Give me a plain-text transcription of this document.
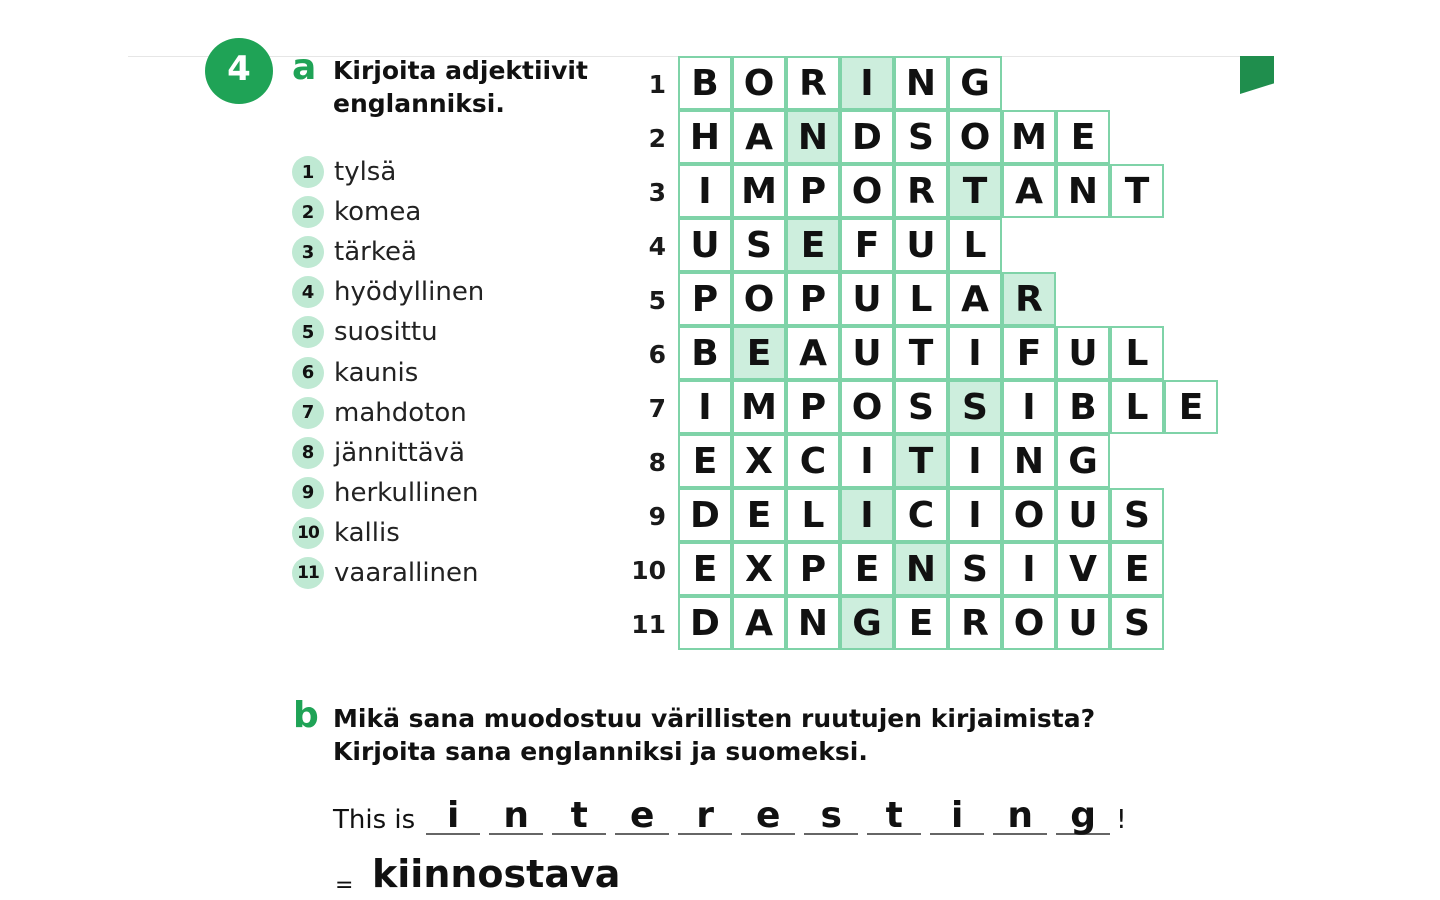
4	a Kirjoita adjektiivit
englanniksi.
1 tylsä
2 komea
3 tärkeä
4 hyödyllinen
5 suosittu
6 kaunis
7 mahdoton
8 jännittävä
9 herkullinen
10 kallis
11 vaarallinen
1 B O R I N G
2 H A N D S O M E
3 I M P O R T A N T
4 U S E F U L
5 P O P U L A R
6 B E A U T I F U L
7 I M P O S S I B L E
8 E X C I T I N G
9 D E L I C I O U S
10 E X P E N S I V E
11 D A N G E R O U S
b Mikä sana muodostuu värillisten ruutujen kirjaimista?
Kirjoita sana englanniksi ja suomeksi.
This is i	n	t	e	r	e	s	t	i	n	g !
= kiinnostava
